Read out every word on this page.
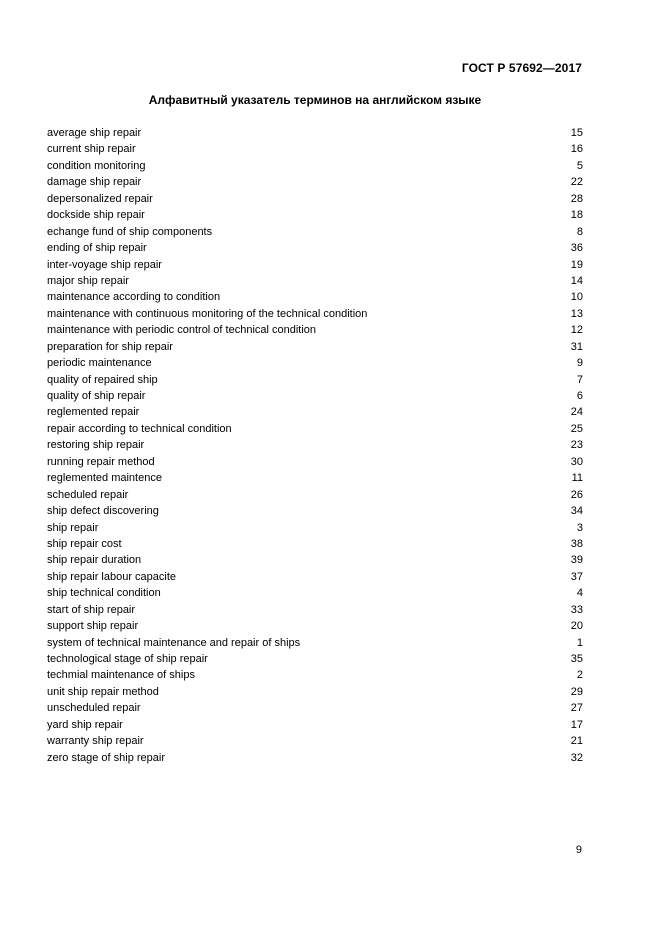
ГОСТ Р 57692—2017
Алфавитный указатель терминов на английском языке
average ship repair	15
current ship repair	16
condition monitoring	5
damage ship repair	22
depersonalized repair	28
dockside ship repair	18
echange fund of ship components	8
ending of ship repair	36
inter-voyage ship repair	19
major ship repair	14
maintenance according to condition	10
maintenance with continuous monitoring of the technical condition	13
maintenance with periodic control of technical condition	12
preparation for ship repair	31
periodic maintenance	9
quality of repaired ship	7
quality of ship repair	6
reglemented repair	24
repair according to technical condition	25
restoring ship repair	23
running repair method	30
reglemented maintence	11
scheduled repair	26
ship defect discovering	34
ship repair	3
ship repair cost	38
ship repair duration	39
ship repair labour capacite	37
ship technical condition	4
start of ship repair	33
support ship repair	20
system of technical maintenance and repair of ships	1
technological stage of ship repair	35
techmial maintenance of ships	2
unit ship repair method	29
unscheduled repair	27
yard ship repair	17
warranty ship repair	21
zero stage of ship repair	32
9
